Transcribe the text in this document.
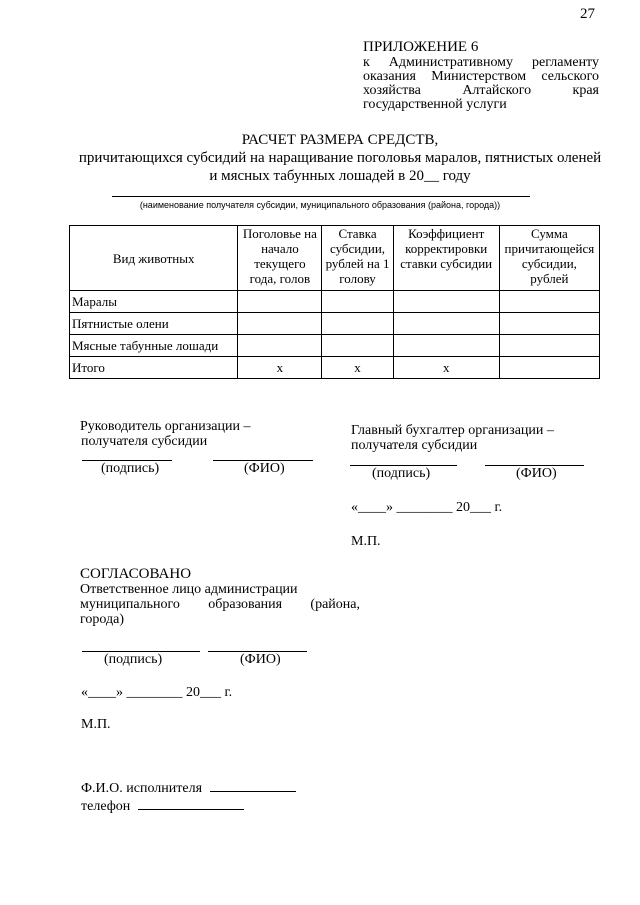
27
ПРИЛОЖЕНИЕ 6
к Административному регламенту
оказания Министерством сельского
хозяйства Алтайского края
государственной услуги
РАСЧЕТ РАЗМЕРА СРЕДСТВ,
причитающихся субсидий на наращивание поголовья маралов, пятнистых оленей
и мясных табунных лошадей в 20__ году
(наименование получателя субсидии, муниципального образования (района, города))
Вид животных	Поголовье на начало текущего года, голов	Ставка субсидии, рублей на 1 голову	Коэффициент корректировки ставки субсидии	Сумма причитающейся субсидии, рублей
Маралы				
Пятнистые олени				
Мясные табунные лошади				
Итого	x	x	x	
Руководитель организации –
получателя субсидии
(подпись)	(ФИО)
Главный бухгалтер организации –
получателя субсидии
(подпись)	(ФИО)
«____» ________ 20___ г.
М.П.
СОГЛАСОВАНО
Ответственное лицо администрации
муниципального образования (района,
города)
(подпись)	(ФИО)
«____» ________ 20___ г.
М.П.
Ф.И.О. исполнителя
телефон
